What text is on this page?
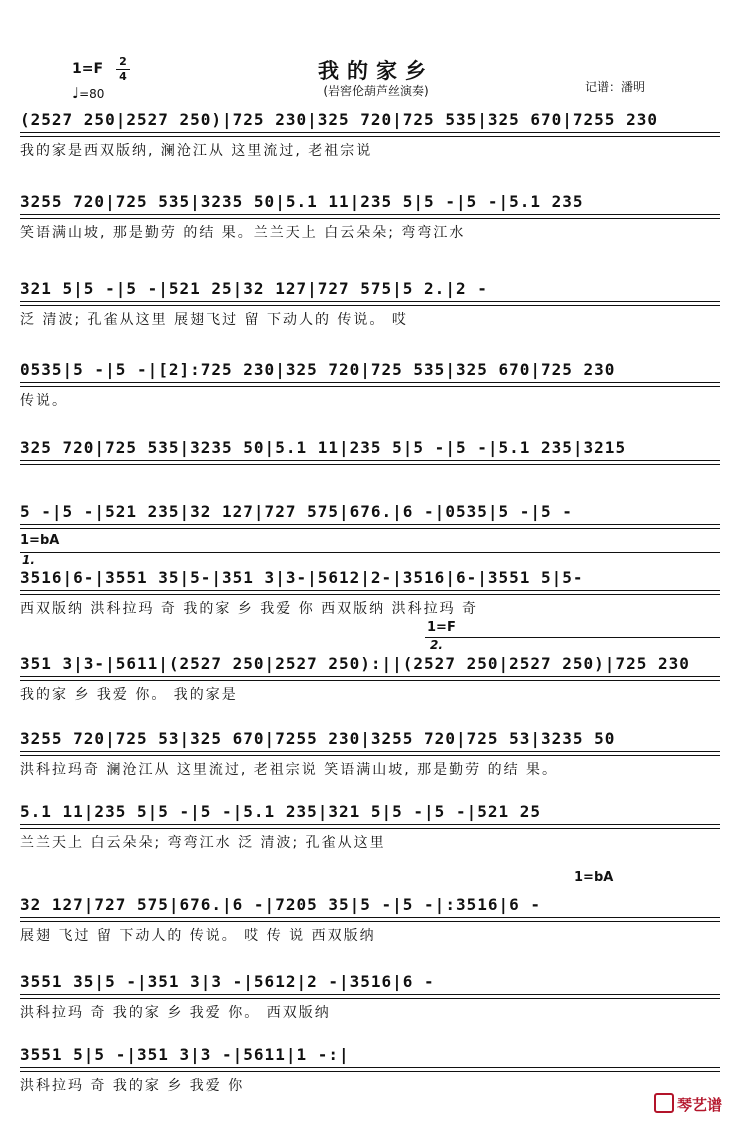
我的家乡
(岩窖伦葫芦丝演奏)
1=F 2
4
♩=80	记谱：潘明
(2527 250|2527 250)|725 230|325 720|725 535|325 670|7255 230
我的家是西双版纳, 澜沧江从 这里流过, 老祖宗说
3255 720|725 535|3235 50|5.1 11|235 5|5 -|5 -|5.1 235
笑语满山坡, 那是勤劳 的结 果。兰兰天上 白云朵朵; 弯弯江水
321 5|5 -|5 -|521 25|32 127|727 575|5 2.|2 -
泛 清波; 孔雀从这里 展翅飞过 留 下动人的 传说。 哎
0535|5 -|5 -|[2]:725 230|325 720|725 535|325 670|725 230
传说。
325 720|725 535|3235 50|5.1 11|235 5|5 -|5 -|5.1 235|3215
5 -|5 -|521 235|32 127|727 575|676.|6 -|0535|5 -|5 -
1=bA
1.
3516|6-|3551 35|5-|351 3|3-|5612|2-|3516|6-|3551 5|5-
西双版纳 洪科拉玛 奇 我的家 乡 我爱 你 西双版纳 洪科拉玛 奇
1=F
2.
351 3|3-|5611|(2527 250|2527 250):||(2527 250|2527 250)|725 230
我的家 乡 我爱 你。 我的家是
3255 720|725 53|325 670|7255 230|3255 720|725 53|3235 50
洪科拉玛奇 澜沧江从 这里流过, 老祖宗说 笑语满山坡, 那是勤劳 的结 果。
5.1 11|235 5|5 -|5 -|5.1 235|321 5|5 -|5 -|521 25
兰兰天上 白云朵朵; 弯弯江水 泛 清波; 孔雀从这里
1=bA
32 127|727 575|676.|6 -|7205 35|5 -|5 -|:3516|6 -
展翅 飞过 留 下动人的 传说。 哎 传 说 西双版纳
3551 35|5 -|351 3|3 -|5612|2 -|3516|6 -
洪科拉玛 奇 我的家 乡 我爱 你。 西双版纳
3551 5|5 -|351 3|3 -|5611|1 -:|
洪科拉玛 奇 我的家 乡 我爱 你
琴艺谱
